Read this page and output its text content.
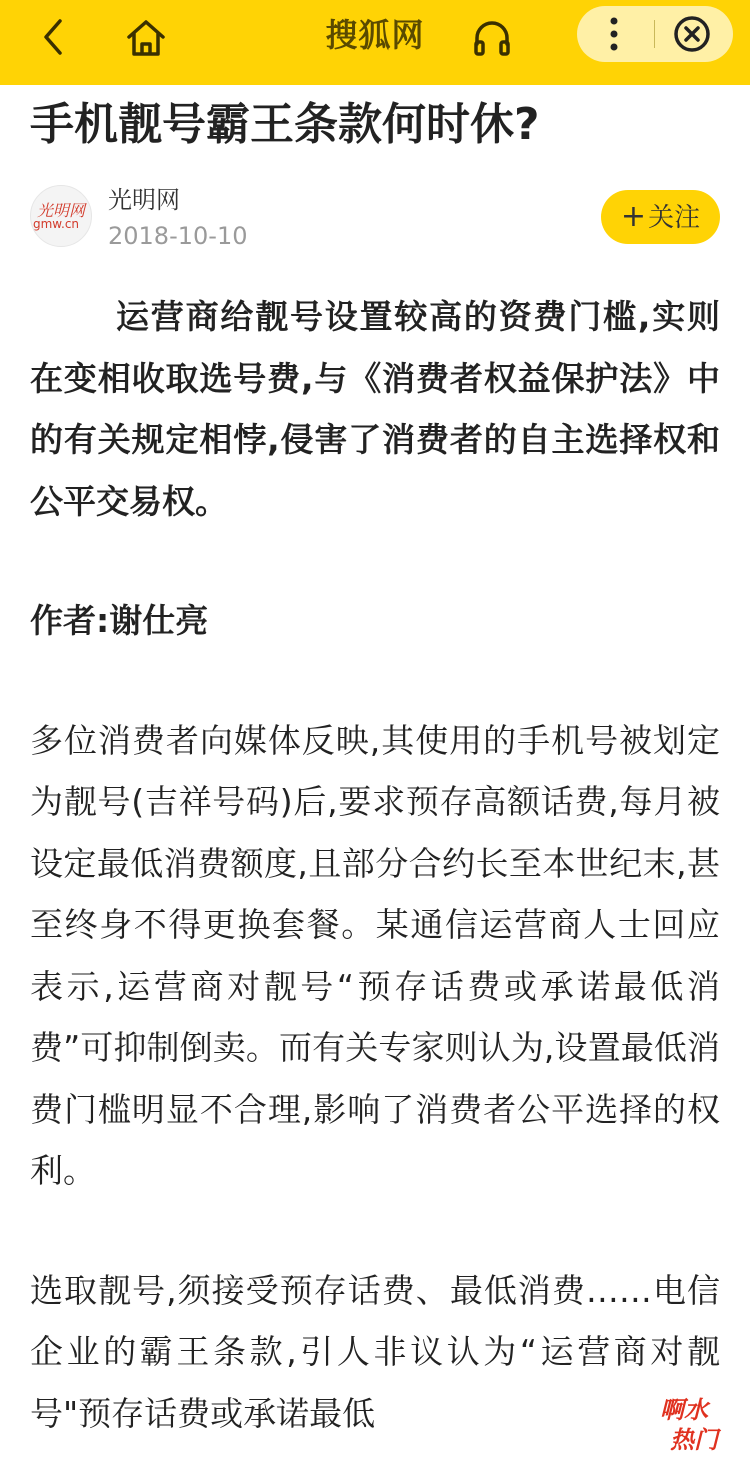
搜狐网
手机靓号霸王条款何时休?
光明网
gmw.cn
光明网
2018-10-10
+关注

运营商给靓号设置较高的资费门槛,实则在变相收取选号费,与《消费者权益保护法》中的有关规定相悖,侵害了消费者的自主选择权和公平交易权。

作者:谢仕亮

多位消费者向媒体反映,其使用的手机号被划定为靓号(吉祥号码)后,要求预存高额话费,每月被设定最低消费额度,且部分合约长至本世纪末,甚至终身不得更换套餐。某通信运营商人士回应表示,运营商对靓号“预存话费或承诺最低消费”可抑制倒卖。而有关专家则认为,设置最低消费门槛明显不合理,影响了消费者公平选择的权利。

选取靓号,须接受预存话费、最低消费……电信企业的霸王条款,引人非议认为“运营商对靓号"预存话费或承诺最低	啊水
热门
